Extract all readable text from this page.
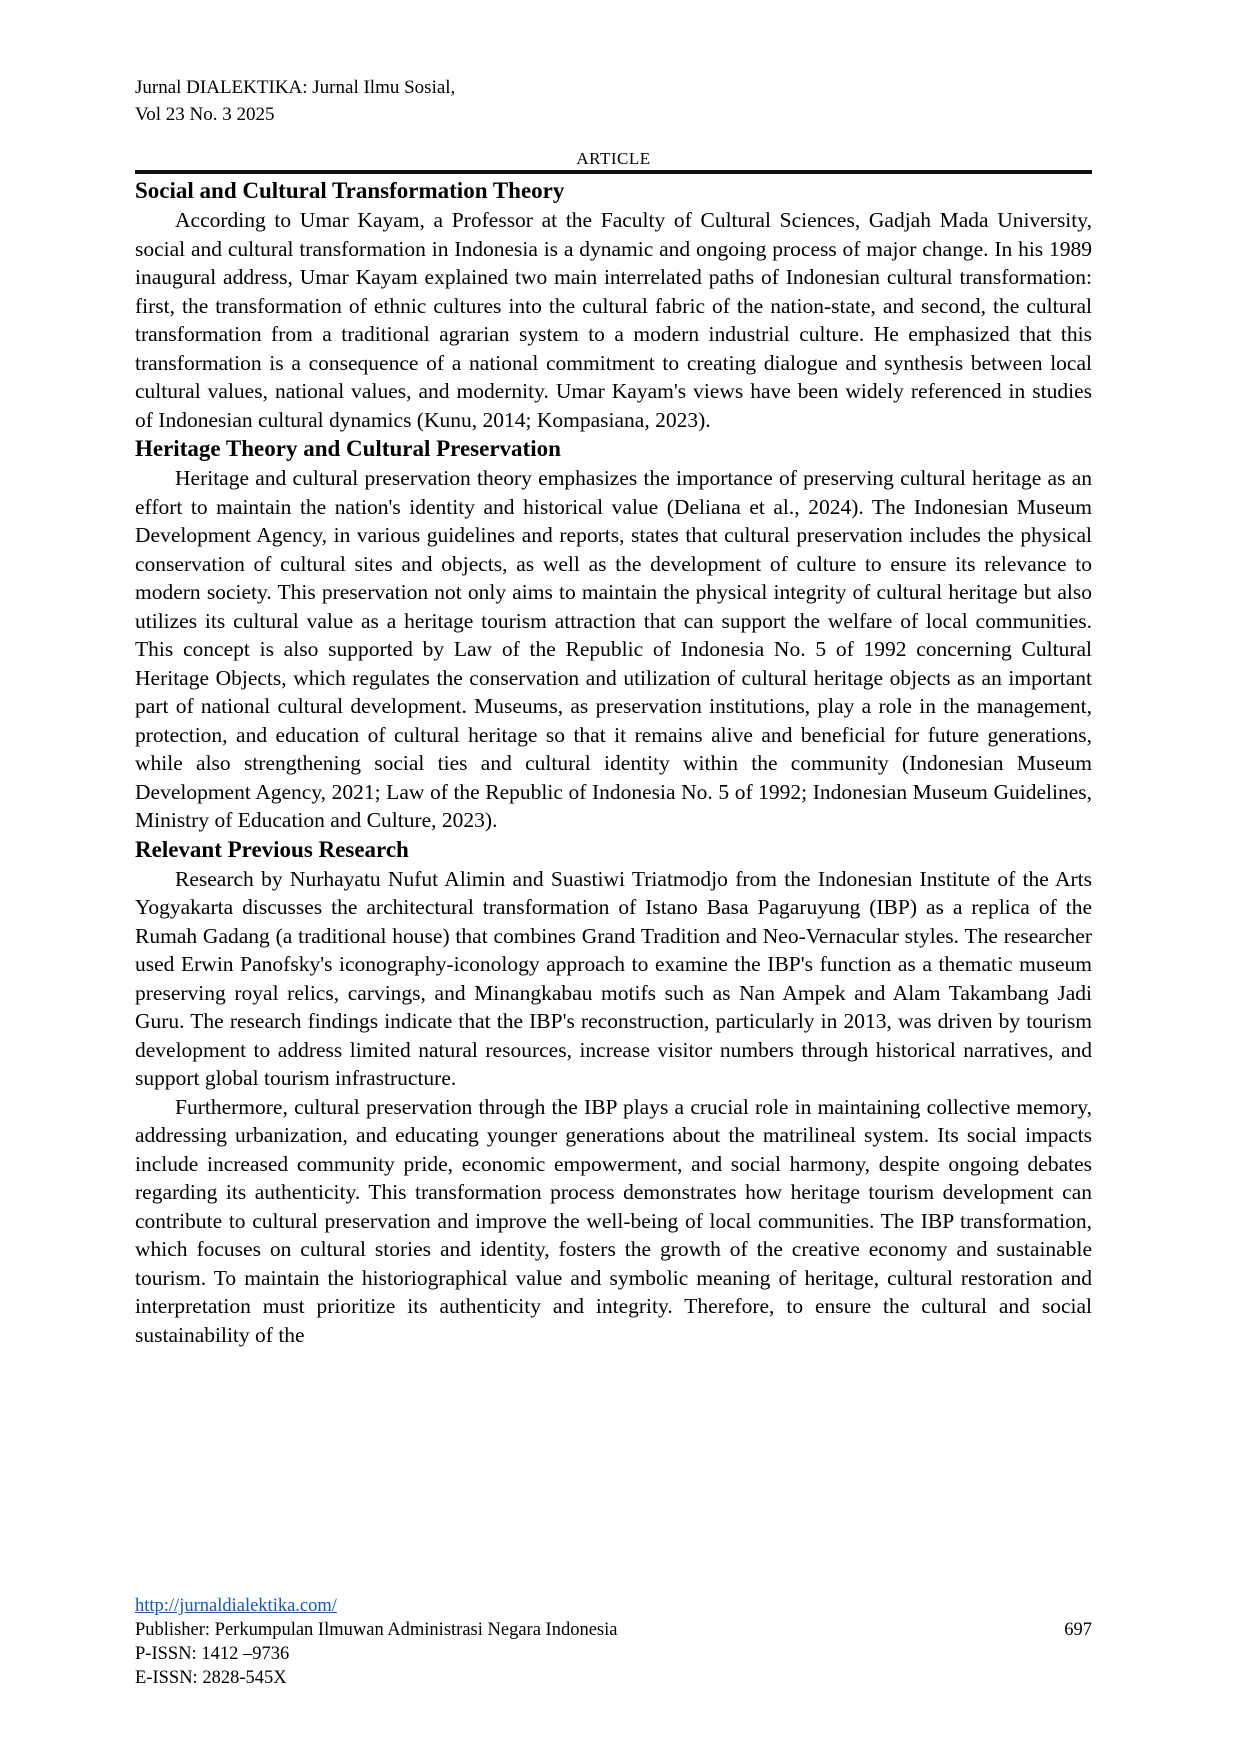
Jurnal DIALEKTIKA: Jurnal Ilmu Sosial,
Vol 23 No. 3 2025
ARTICLE
Social and Cultural Transformation Theory

According to Umar Kayam, a Professor at the Faculty of Cultural Sciences, Gadjah Mada University, social and cultural transformation in Indonesia is a dynamic and ongoing process of major change. In his 1989 inaugural address, Umar Kayam explained two main interrelated paths of Indonesian cultural transformation: first, the transformation of ethnic cultures into the cultural fabric of the nation-state, and second, the cultural transformation from a traditional agrarian system to a modern industrial culture. He emphasized that this transformation is a consequence of a national commitment to creating dialogue and synthesis between local cultural values, national values, and modernity. Umar Kayam's views have been widely referenced in studies of Indonesian cultural dynamics (Kunu, 2014; Kompasiana, 2023).

Heritage Theory and Cultural Preservation

Heritage and cultural preservation theory emphasizes the importance of preserving cultural heritage as an effort to maintain the nation's identity and historical value (Deliana et al., 2024). The Indonesian Museum Development Agency, in various guidelines and reports, states that cultural preservation includes the physical conservation of cultural sites and objects, as well as the development of culture to ensure its relevance to modern society. This preservation not only aims to maintain the physical integrity of cultural heritage but also utilizes its cultural value as a heritage tourism attraction that can support the welfare of local communities. This concept is also supported by Law of the Republic of Indonesia No. 5 of 1992 concerning Cultural Heritage Objects, which regulates the conservation and utilization of cultural heritage objects as an important part of national cultural development. Museums, as preservation institutions, play a role in the management, protection, and education of cultural heritage so that it remains alive and beneficial for future generations, while also strengthening social ties and cultural identity within the community (Indonesian Museum Development Agency, 2021; Law of the Republic of Indonesia No. 5 of 1992; Indonesian Museum Guidelines, Ministry of Education and Culture, 2023).

Relevant Previous Research

Research by Nurhayatu Nufut Alimin and Suastiwi Triatmodjo from the Indonesian Institute of the Arts Yogyakarta discusses the architectural transformation of Istano Basa Pagaruyung (IBP) as a replica of the Rumah Gadang (a traditional house) that combines Grand Tradition and Neo-Vernacular styles. The researcher used Erwin Panofsky's iconography-iconology approach to examine the IBP's function as a thematic museum preserving royal relics, carvings, and Minangkabau motifs such as Nan Ampek and Alam Takambang Jadi Guru. The research findings indicate that the IBP's reconstruction, particularly in 2013, was driven by tourism development to address limited natural resources, increase visitor numbers through historical narratives, and support global tourism infrastructure.

Furthermore, cultural preservation through the IBP plays a crucial role in maintaining collective memory, addressing urbanization, and educating younger generations about the matrilineal system. Its social impacts include increased community pride, economic empowerment, and social harmony, despite ongoing debates regarding its authenticity. This transformation process demonstrates how heritage tourism development can contribute to cultural preservation and improve the well-being of local communities. The IBP transformation, which focuses on cultural stories and identity, fosters the growth of the creative economy and sustainable tourism. To maintain the historiographical value and symbolic meaning of heritage, cultural restoration and interpretation must prioritize its authenticity and integrity. Therefore, to ensure the cultural and social sustainability of the

http://jurnaldialektika.com/
Publisher: Perkumpulan Ilmuwan Administrasi Negara Indonesia	697
P-ISSN: 1412 –9736
E-ISSN: 2828-545X
